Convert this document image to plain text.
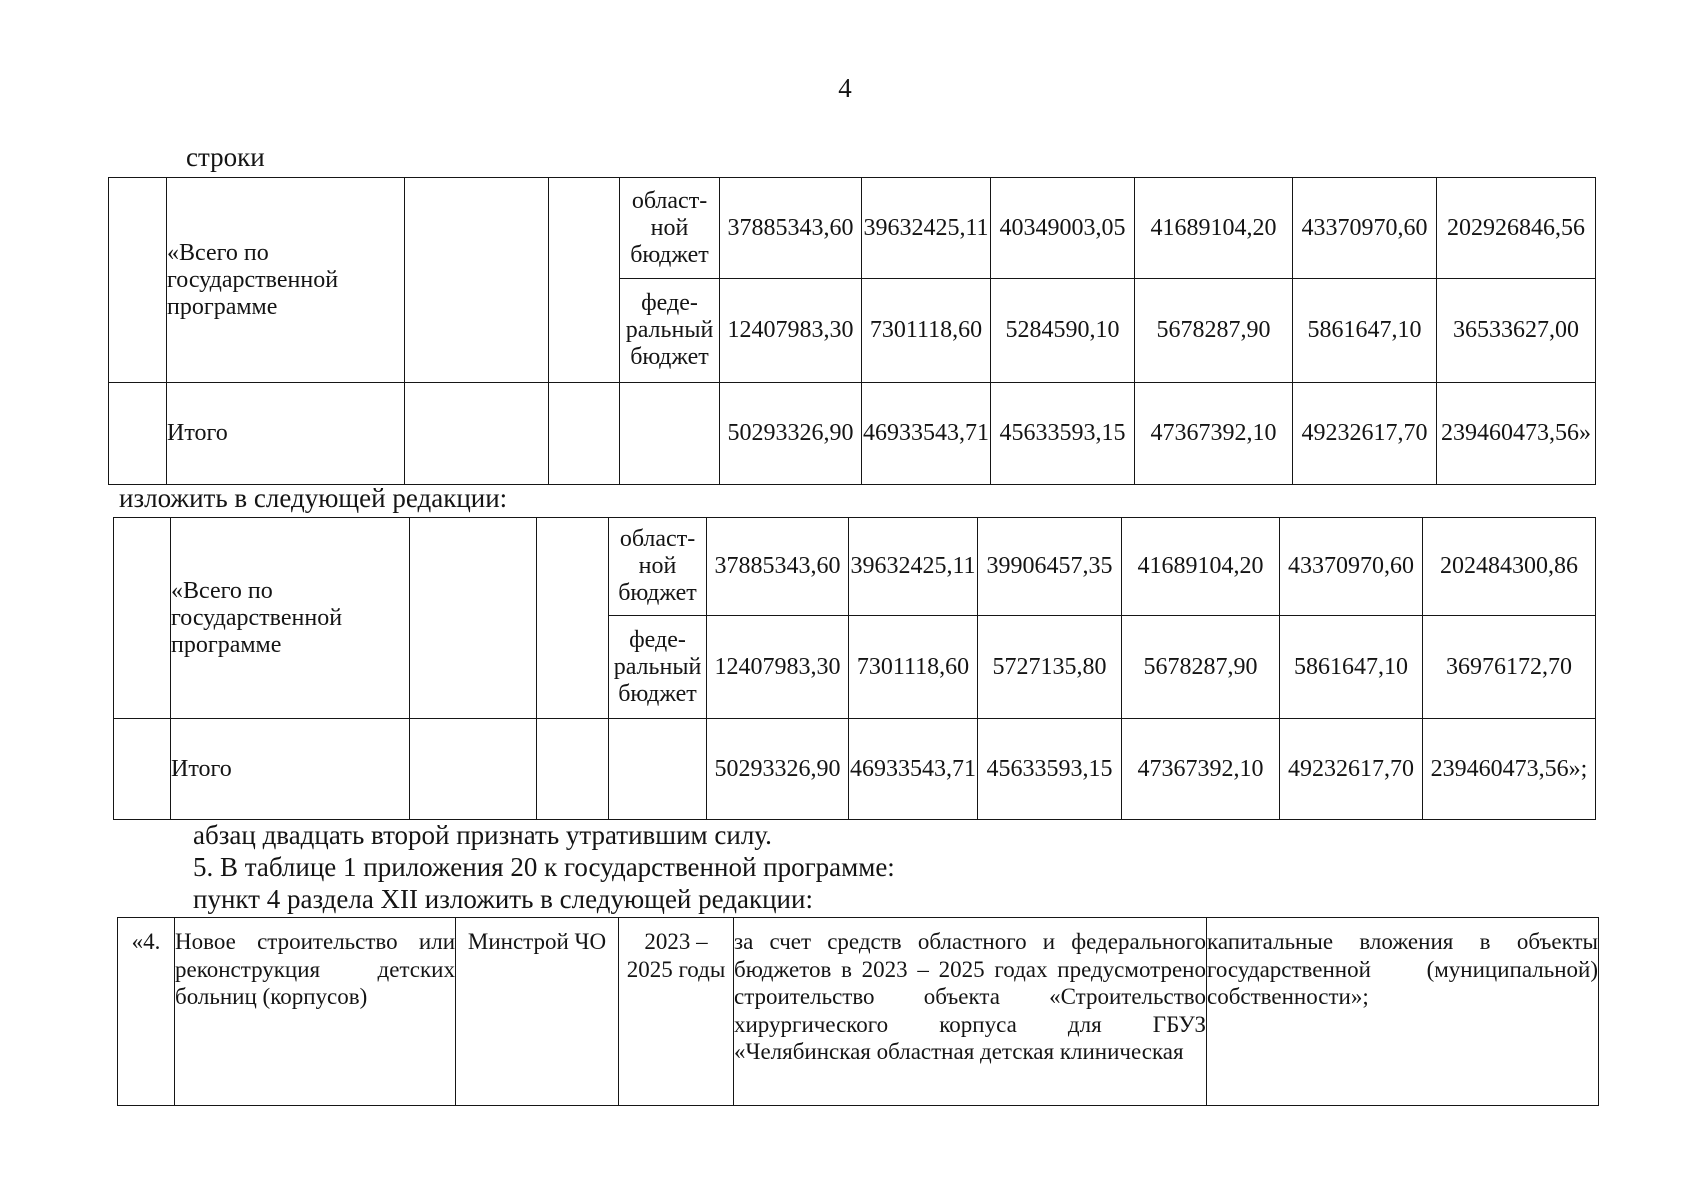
4
строки
	«Всего по государственной программе			област-
ной
бюджет	37885343,60	39632425,11	40349003,05	41689104,20	43370970,60	202926846,56
				феде-
ральный
бюджет	12407983,30	7301118,60	5284590,10	5678287,90	5861647,10	36533627,00
	Итого				50293326,90	46933543,71	45633593,15	47367392,10	49232617,70	239460473,56»
изложить в следующей редакции:
	«Всего по государственной программе			област-
ной
бюджет	37885343,60	39632425,11	39906457,35	41689104,20	43370970,60	202484300,86
				феде-
ральный
бюджет	12407983,30	7301118,60	5727135,80	5678287,90	5861647,10	36976172,70
	Итого				50293326,90	46933543,71	45633593,15	47367392,10	49232617,70	239460473,56»;
абзац двадцать второй признать утратившим силу.
5. В таблице 1 приложения 20 к государственной программе:
пункт 4 раздела XII изложить в следующей редакции:
«4.	Новое строительство или реконструкция детских больниц (корпусов)	Минстрой ЧО	2023 – 2025 годы	за счет средств областного и федерального бюджетов в 2023 – 2025 годах предусмотрено строительство объекта «Строительство хирургического корпуса для ГБУЗ «Челябинская областная детская клиническая	капитальные вложения в объекты государственной (муниципальной) собственности»;
